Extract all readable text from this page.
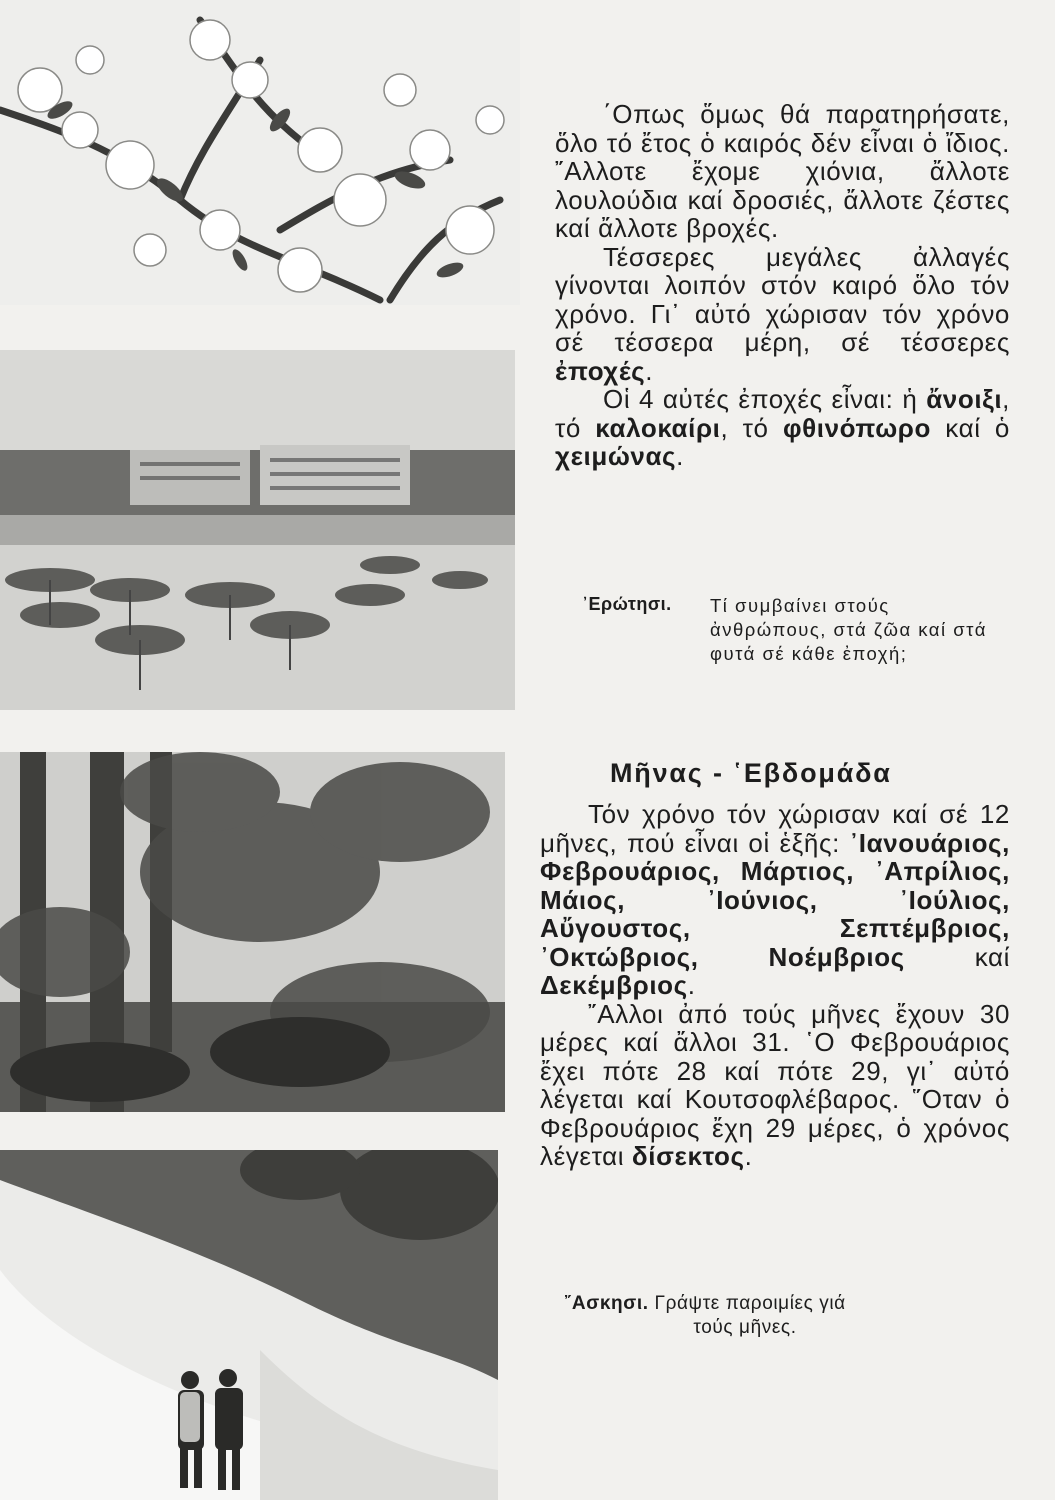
΄Οπως ὅμως θά παρατηρήσατε, ὅλο τό ἔτος ὁ καιρός δέν εἶναι ὁ ἴδιος. ῎Αλλοτε ἔχομε χιόνια, ἄλλοτε λουλούδια καί δροσιές, ἄλλοτε ζέστες καί ἄλλοτε βροχές.

Τέσσερες μεγάλες ἀλλαγές γίνονται λοιπόν στόν καιρό ὅλο τόν χρόνο. Γι᾿ αὐτό χώρισαν τόν χρόνο σέ τέσσερα μέρη, σέ τέσσερες ἐποχές.

Οἱ 4 αὐτές ἐποχές εἶναι: ἡ ἄνοιξι, τό καλοκαίρι, τό φθινόπωρο καί ὁ χειμώνας.

᾿Ερώτησι. Τί συμβαίνει στούς ἀνθρώπους, στά ζῶα καί στά φυτά σέ κάθε ἐποχή;
Μῆνας - ῾Εβδομάδα

Τόν χρόνο τόν χώρισαν καί σέ 12 μῆνες, πού εἶναι οἱ ἑξῆς: ᾿Ιανουάριος, Φεβρουάριος, Μάρτιος, ᾿Απρίλιος, Μάιος, ᾿Ιούνιος, ᾿Ιούλιος, Αὔγουστος, Σεπτέμβριος, ᾿Οκτώβριος, Νοέμβριος	καί Δεκέμβριος.

῎Αλλοι ἀπό τούς μῆνες ἔχουν 30 μέρες καί ἄλλοι 31. ῾Ο Φεβρουάριος ἔχει πότε 28 καί πότε 29, γι᾿ αὐτό λέγεται καί Κουτσοφλέβαρος. ῞Οταν ὁ Φεβρουάριος ἔχη 29 μέρες, ὁ χρόνος λέγεται δίσεκτος.

῎Ασκησι. Γράψτε παροιμίες γιά
τούς μῆνες.
